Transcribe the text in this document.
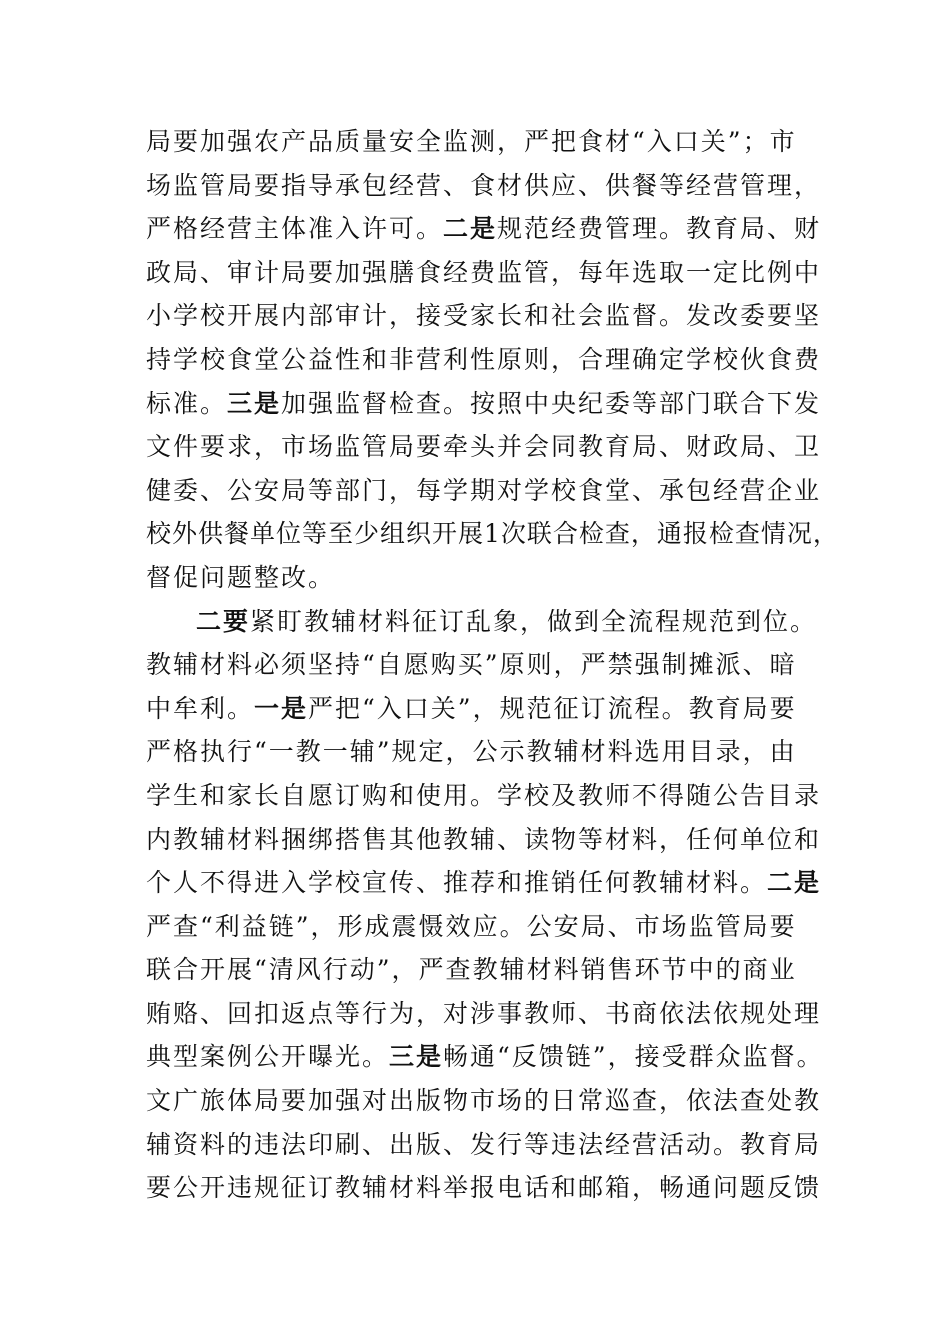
局要加强农产品质量安全监测，严把食材“入口关”；市
场监管局要指导承包经营、食材供应、供餐等经营管理，
严格经营主体准入许可。二是规范经费管理。教育局、财
政局、审计局要加强膳食经费监管，每年选取一定比例中
小学校开展内部审计，接受家长和社会监督。发改委要坚
持学校食堂公益性和非营利性原则，合理确定学校伙食费
标准。三是加强监督检查。按照中央纪委等部门联合下发
文件要求，市场监管局要牵头并会同教育局、财政局、卫
健委、公安局等部门，每学期对学校食堂、承包经营企业
校外供餐单位等至少组织开展1次联合检查，通报检查情况，
督促问题整改。
二要紧盯教辅材料征订乱象，做到全流程规范到位。
教辅材料必须坚持“自愿购买”原则，严禁强制摊派、暗
中牟利。一是严把“入口关”，规范征订流程。教育局要
严格执行“一教一辅”规定，公示教辅材料选用目录，由
学生和家长自愿订购和使用。学校及教师不得随公告目录
内教辅材料捆绑搭售其他教辅、读物等材料，任何单位和
个人不得进入学校宣传、推荐和推销任何教辅材料。二是
严查“利益链”，形成震慑效应。公安局、市场监管局要
联合开展“清风行动”，严查教辅材料销售环节中的商业
贿赂、回扣返点等行为，对涉事教师、书商依法依规处理
典型案例公开曝光。三是畅通“反馈链”，接受群众监督。
文广旅体局要加强对出版物市场的日常巡查，依法查处教
辅资料的违法印刷、出版、发行等违法经营活动。教育局
要公开违规征订教辅材料举报电话和邮箱，畅通问题反馈
